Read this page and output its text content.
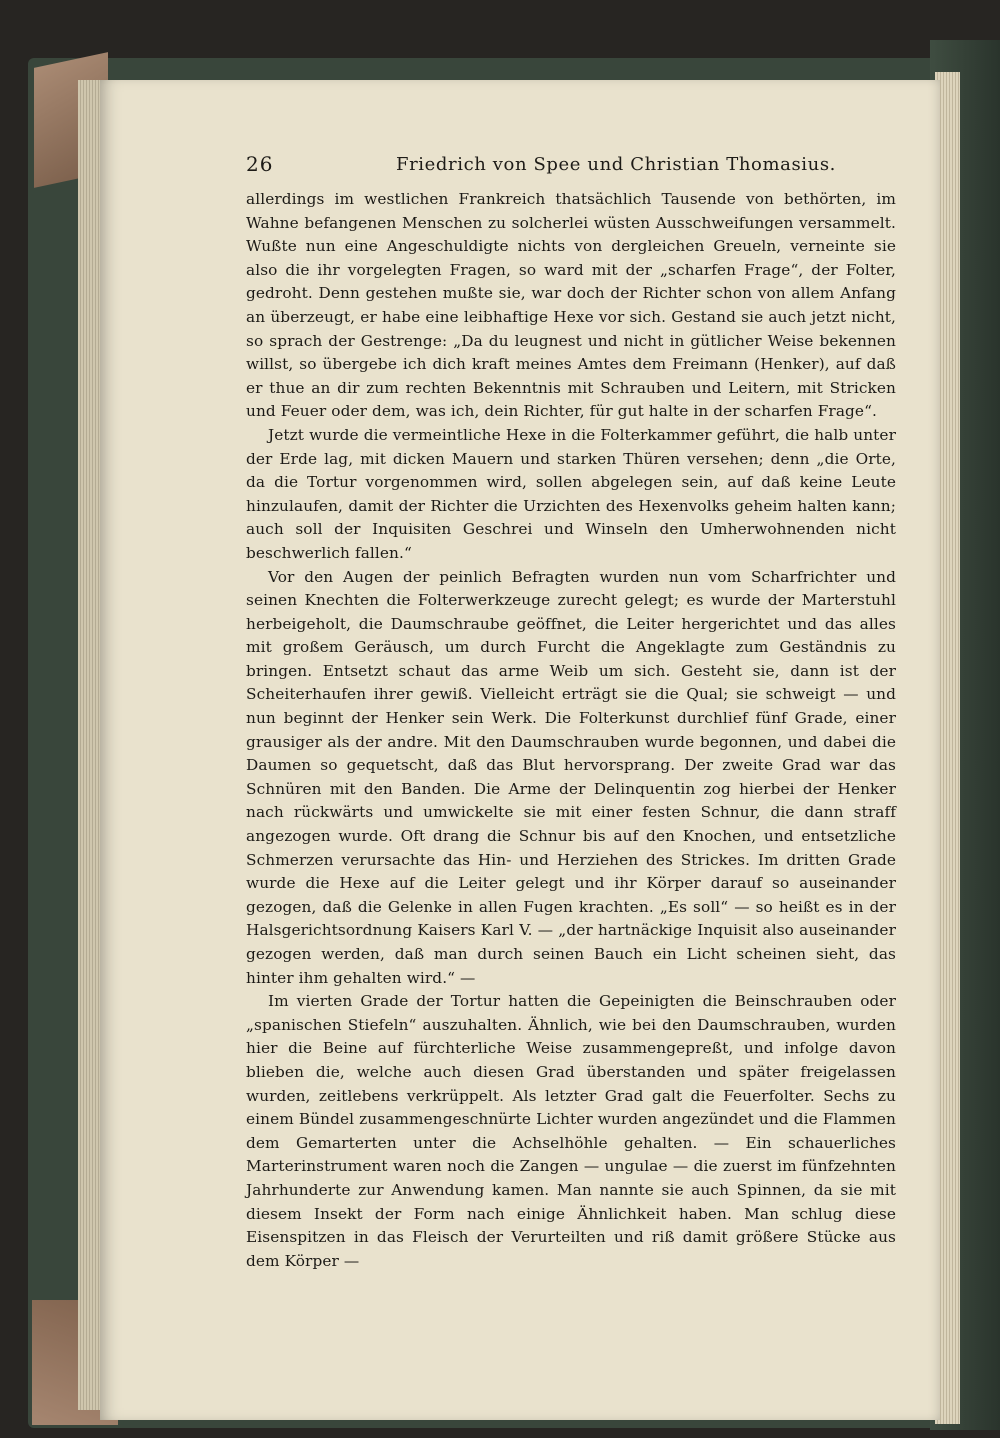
26	Friedrich von Spee und Christian Thomasius.

allerdings im westlichen Frankreich thatsächlich Tausende von bethörten, im Wahne befangenen Menschen zu solcherlei wüsten Ausschweifungen versammelt. Wußte nun eine Angeschuldigte nichts von dergleichen Greueln, verneinte sie also die ihr vorgelegten Fragen, so ward mit der „scharfen Frage“, der Folter, gedroht. Denn gestehen mußte sie, war doch der Richter schon von allem Anfang an überzeugt, er habe eine leibhaftige Hexe vor sich. Gestand sie auch jetzt nicht, so sprach der Gestrenge: „Da du leugnest und nicht in gütlicher Weise bekennen willst, so übergebe ich dich kraft meines Amtes dem Freimann (Henker), auf daß er thue an dir zum rechten Bekenntnis mit Schrauben und Leitern, mit Stricken und Feuer oder dem, was ich, dein Richter, für gut halte in der scharfen Frage“.

Jetzt wurde die vermeintliche Hexe in die Folterkammer geführt, die halb unter der Erde lag, mit dicken Mauern und starken Thüren versehen; denn „die Orte, da die Tortur vorgenommen wird, sollen abgelegen sein, auf daß keine Leute hinzulaufen, damit der Richter die Urzichten des Hexenvolks geheim halten kann; auch soll der Inquisiten Geschrei und Winseln den Umherwohnenden nicht beschwerlich fallen.“

Vor den Augen der peinlich Befragten wurden nun vom Scharfrichter und seinen Knechten die Folterwerkzeuge zurecht gelegt; es wurde der Marterstuhl herbeigeholt, die Daumschraube geöffnet, die Leiter hergerichtet und das alles mit großem Geräusch, um durch Furcht die Angeklagte zum Geständnis zu bringen. Entsetzt schaut das arme Weib um sich. Gesteht sie, dann ist der Scheiterhaufen ihrer gewiß. Vielleicht erträgt sie die Qual; sie schweigt — und nun beginnt der Henker sein Werk. Die Folterkunst durchlief fünf Grade, einer grausiger als der andre. Mit den Daumschrauben wurde begonnen, und dabei die Daumen so gequetscht, daß das Blut hervorsprang. Der zweite Grad war das Schnüren mit den Banden. Die Arme der Delinquentin zog hierbei der Henker nach rückwärts und umwickelte sie mit einer festen Schnur, die dann straff angezogen wurde. Oft drang die Schnur bis auf den Knochen, und entsetzliche Schmerzen verursachte das Hin- und Herziehen des Strickes. Im dritten Grade wurde die Hexe auf die Leiter gelegt und ihr Körper darauf so auseinander gezogen, daß die Gelenke in allen Fugen krachten. „Es soll“ — so heißt es in der Halsgerichtsordnung Kaisers Karl V. — „der hartnäckige Inquisit also auseinander gezogen werden, daß man durch seinen Bauch ein Licht scheinen sieht, das hinter ihm gehalten wird.“ —

Im vierten Grade der Tortur hatten die Gepeinigten die Beinschrauben oder „spanischen Stiefeln“ auszuhalten. Ähnlich, wie bei den Daumschrauben, wurden hier die Beine auf fürchterliche Weise zusammengepreßt, und infolge davon blieben die, welche auch diesen Grad überstanden und später freigelassen wurden, zeitlebens verkrüppelt. Als letzter Grad galt die Feuerfolter. Sechs zu einem Bündel zusammengeschnürte Lichter wurden angezündet und die Flammen dem Gemarterten unter die Achselhöhle gehalten. — Ein schauerliches Marterinstrument waren noch die Zangen — ungulae — die zuerst im fünfzehnten Jahrhunderte zur Anwendung kamen. Man nannte sie auch Spinnen, da sie mit diesem Insekt der Form nach einige Ähnlichkeit haben. Man schlug diese Eisenspitzen in das Fleisch der Verurteilten und riß damit größere Stücke aus dem Körper —
